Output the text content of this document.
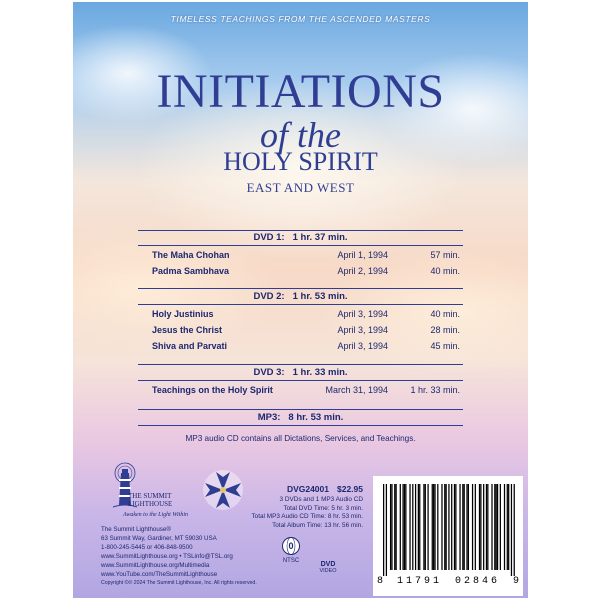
TIMELESS TEACHINGS FROM THE ASCENDED MASTERS
INITIATIONS
of the
HOLY SPIRIT
EAST AND WEST
DVD 1: 1 hr. 37 min.
The Maha Chohan	April 1, 1994	57 min.
Padma Sambhava	April 2, 1994	40 min.
DVD 2: 1 hr. 53 min.
Holy Justinius	April 3, 1994	40 min.
Jesus the Christ	April 3, 1994	28 min.
Shiva and Parvati	April 3, 1994	45 min.
DVD 3: 1 hr. 33 min.
Teachings on the Holy Spirit	March 31, 1994 1 hr. 33 min.
MP3: 8 hr. 53 min.
MP3 audio CD contains all Dictations, Services, and Teachings.
THE SUMMIT
LIGHTHOUSE
Awaken to the Light Within
The Summit Lighthouse®
63 Summit Way, Gardiner, MT 59030 USA
1-800-245-5445 or 406-848-9500
www.SummitLighthouse.org • TSLinfo@TSL.org
www.SummitLighthouse.org/Multimedia
www.YouTube.com/TheSummitLighthouse
Copyright ©℗ 2024 The Summit Lighthouse, Inc. All rights reserved.
DVG24001 $22.95
3 DVDs and 1 MP3 Audio CD
Total DVD Time: 5 hr. 3 min.
Total MP3 Audio CD Time: 8 hr. 53 min.
Total Album Time: 13 hr. 56 min.
0
NTSC	DVD
VIDEO
8 11791 02846 9
